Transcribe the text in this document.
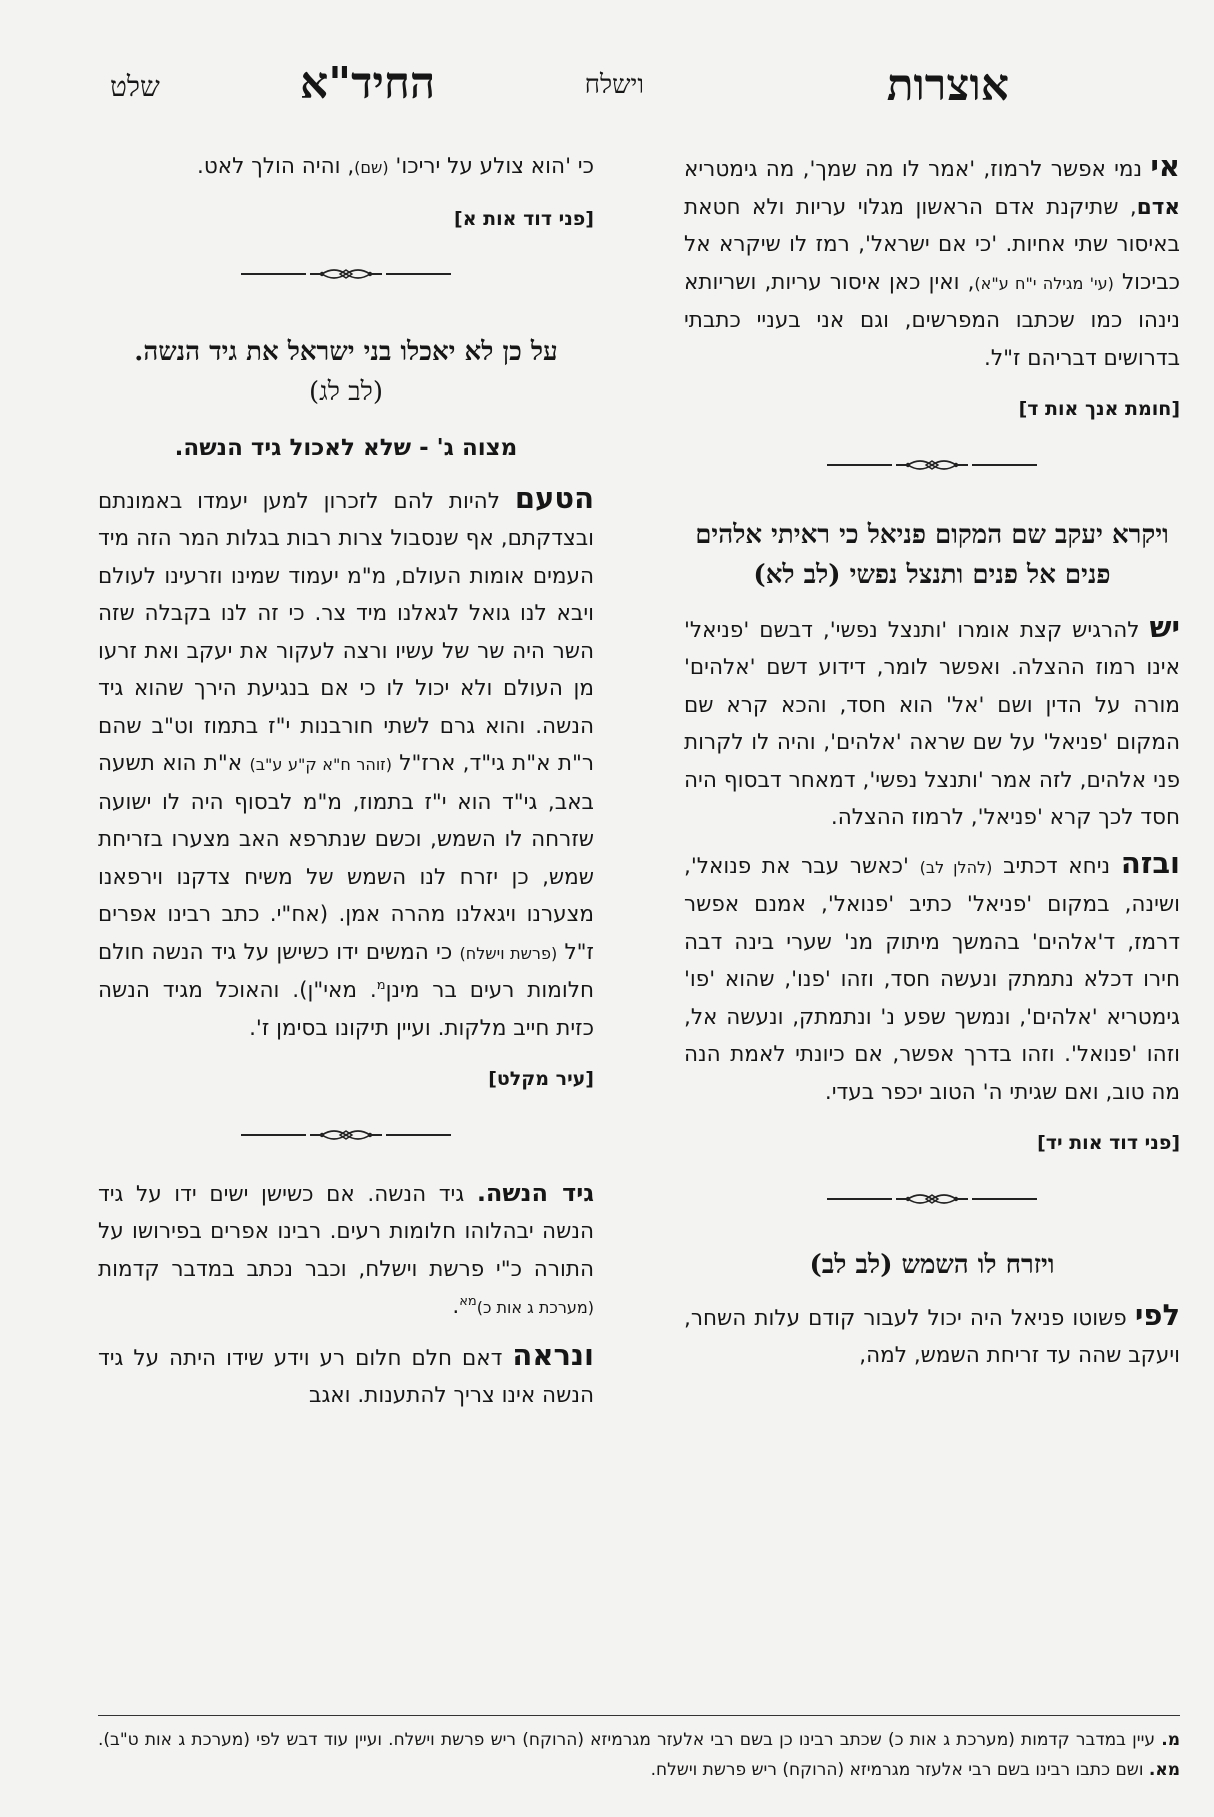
אוצרות
וישלח
החיד"א
שלט

אי נמי אפשר לרמוז, 'אמר לו מה שמך', מה גימטריא אדם, שתיקנת אדם הראשון מגלוי עריות ולא חטאת באיסור שתי אחיות. 'כי אם ישראל', רמז לו שיקרא אל כביכול (עי' מגילה י"ח ע"א), ואין כאן איסור עריות, ושריותא נינהו כמו שכתבו המפרשים, וגם אני בעניי כתבתי בדרושים דבריהם ז"ל.

[חומת אנך אות ד]

ויקרא יעקב שם המקום פניאל כי ראיתי אלהים פנים אל פנים ותנצל נפשי (לב לא)

יש להרגיש קצת אומרו 'ותנצל נפשי', דבשם 'פניאל' אינו רמוז ההצלה. ואפשר לומר, דידוע דשם 'אלהים' מורה על הדין ושם 'אל' הוא חסד, והכא קרא שם המקום 'פניאל' על שם שראה 'אלהים', והיה לו לקרות פני אלהים, לזה אמר 'ותנצל נפשי', דמאחר דבסוף היה חסד לכך קרא 'פניאל', לרמוז ההצלה.

ובזה ניחא דכתיב (להלן לב) 'כאשר עבר את פנואל', ושינה, במקום 'פניאל' כתיב 'פנואל', אמנם אפשר דרמז, ד'אלהים' בהמשך מיתוק מנ' שערי בינה דבה חירו דכלא נתמתק ונעשה חסד, וזהו 'פנו', שהוא 'פו' גימטריא 'אלהים', ונמשך שפע נ' ונתמתק, ונעשה אל, וזהו 'פנואל'. וזהו בדרך אפשר, אם כיונתי לאמת הנה מה טוב, ואם שגיתי ה' הטוב יכפר בעדי.

[פני דוד אות יד]

ויזרח לו השמש (לב לב)

לפי פשוטו פניאל היה יכול לעבור קודם עלות השחר, ויעקב שהה עד זריחת השמש, למה,

כי 'הוא צולע על יריכו' (שם), והיה הולך לאט.

[פני דוד אות א]

על כן לא יאכלו בני ישראל את גיד הנשה.

(לב לג)

מצוה ג' - שלא לאכול גיד הנשה.

הטעם להיות להם לזכרון למען יעמדו באמונתם ובצדקתם, אף שנסבול צרות רבות בגלות המר הזה מיד העמים אומות העולם, מ"מ יעמוד שמינו וזרעינו לעולם ויבא לנו גואל לגאלנו מיד צר. כי זה לנו בקבלה שזה השר היה שר של עשיו ורצה לעקור את יעקב ואת זרעו מן העולם ולא יכול לו כי אם בנגיעת הירך שהוא גיד הנשה. והוא גרם לשתי חורבנות י"ז בתמוז וט"ב שהם ר"ת א"ת גי"ד, ארז"ל (זוהר ח"א ק"ע ע"ב) א"ת הוא תשעה באב, גי"ד הוא י"ז בתמוז, מ"מ לבסוף היה לו ישועה שזרחה לו השמש, וכשם שנתרפא האב מצערו בזריחת שמש, כן יזרח לנו השמש של משיח צדקנו וירפאנו מצערנו ויגאלנו מהרה אמן. (אח"י. כתב רבינו אפרים ז"ל (פרשת וישלח) כי המשים ידו כשישן על גיד הנשה חולם חלומות רעים בר מינן$^מ$. מאי"ן). והאוכל מגיד הנשה כזית חייב מלקות. ועיין תיקונו בסימן ז'.

[עיר מקלט]

גיד הנשה. גיד הנשה. אם כשישן ישים ידו על גיד הנשה יבהלוהו חלומות רעים. רבינו אפרים בפירושו על התורה כ"י פרשת וישלח, וכבר נכתב במדבר קדמות (מערכת ג אות כ)$^{מא}$.

ונראה דאם חלם חלום רע וידע שידו היתה על גיד הנשה אינו צריך להתענות. ואגב

מ. עיין במדבר קדמות (מערכת ג אות כ) שכתב רבינו כן בשם רבי אלעזר מגרמיזא (הרוקח) ריש פרשת וישלח. ועיין עוד דבש לפי (מערכת ג אות ט"ב). מא. ושם כתבו רבינו בשם רבי אלעזר מגרמיזא (הרוקח) ריש פרשת וישלח.
